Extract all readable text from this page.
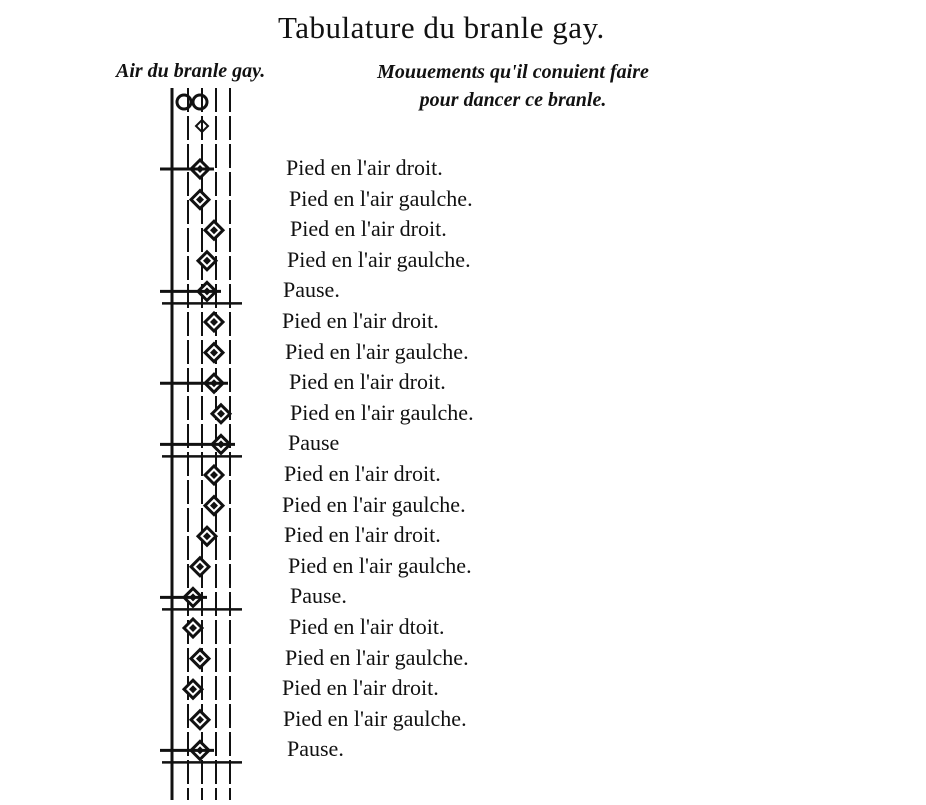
Tabulature du branle gay.
Air du branle gay.	Mouuements qu'il conuient faire
pour dancer ce branle.
Pied en l'air droit.
Pied en l'air gaulche.
Pied en l'air droit.
Pied en l'air gaulche.
Pause.
Pied en l'air droit.
Pied en l'air gaulche.
Pied en l'air droit.
Pied en l'air gaulche.
Pause
Pied en l'air droit.
Pied en l'air gaulche.
Pied en l'air droit.
Pied en l'air gaulche.
Pause.
Pied en l'air dtoit.
Pied en l'air gaulche.
Pied en l'air droit.
Pied en l'air gaulche.
Pause.
